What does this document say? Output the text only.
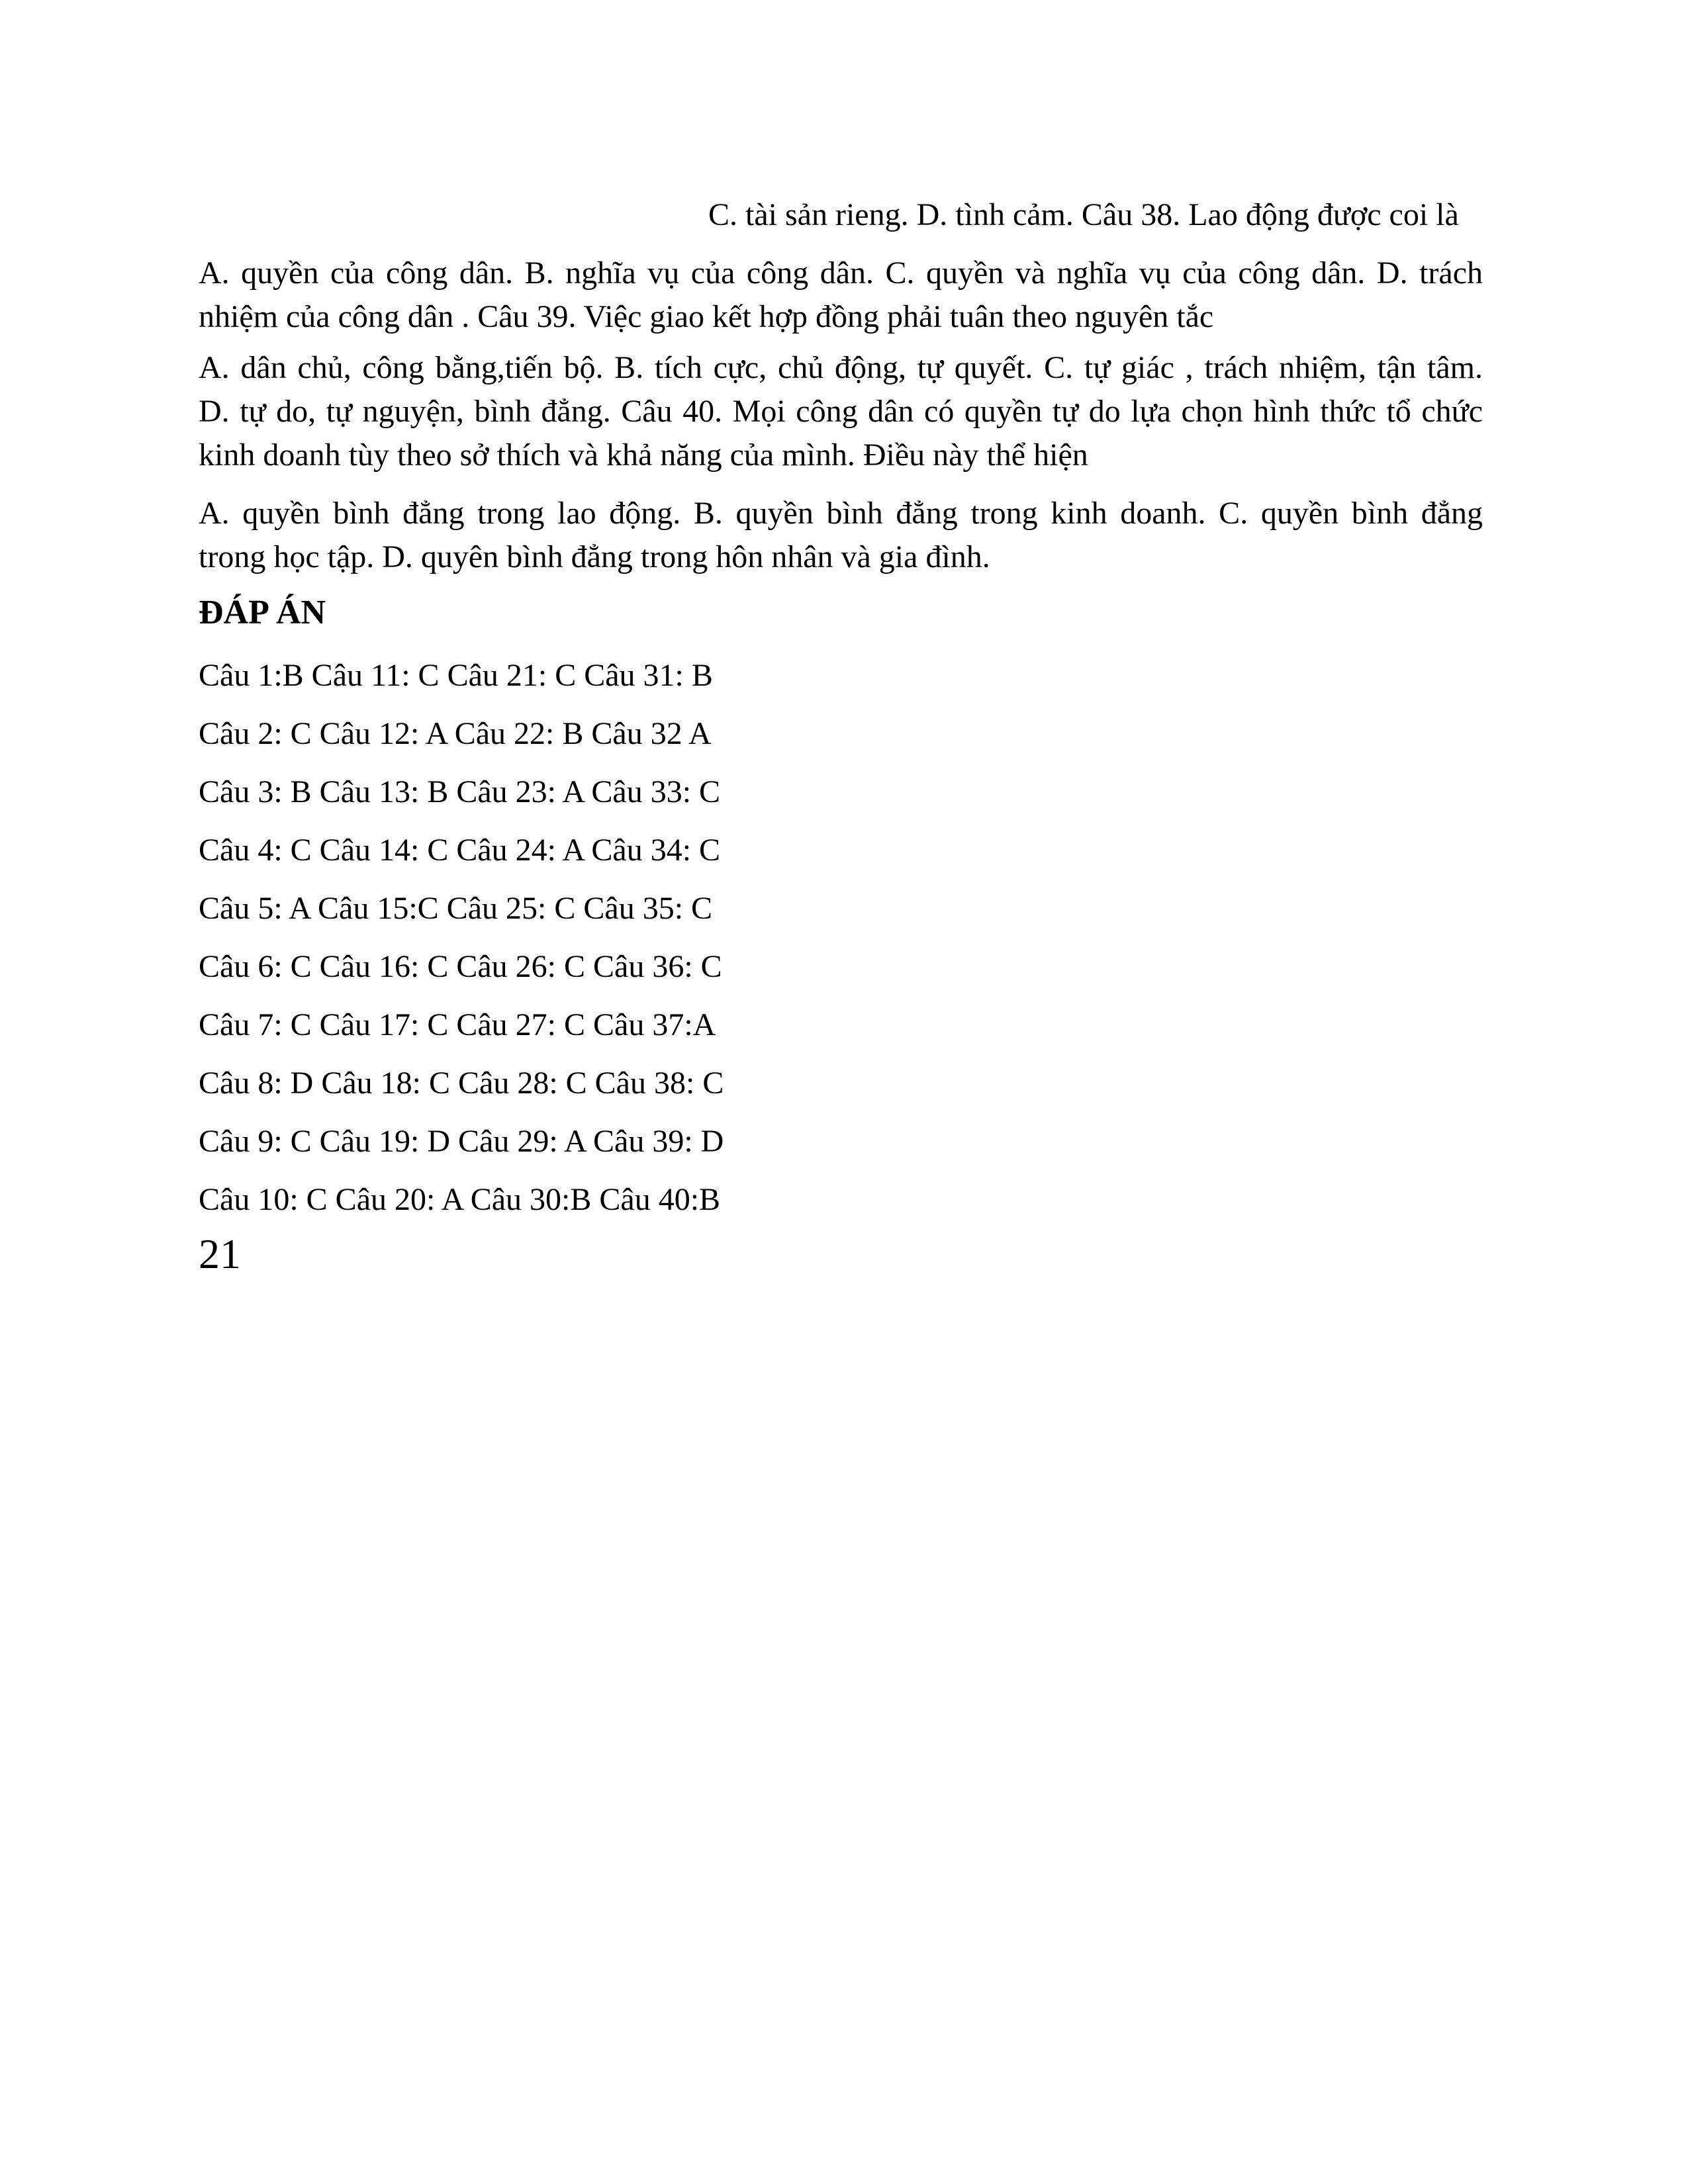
C. tài sản rieng. D. tình cảm. Câu 38. Lao động được coi là
A. quyền của công dân. B. nghĩa vụ của công dân. C. quyền và nghĩa vụ của công dân. D. trách
nhiệm của công dân . Câu 39. Việc giao kết hợp đồng phải tuân theo nguyên tắc
A. dân chủ, công bằng,tiến bộ. B. tích cực, chủ động, tự quyết. C. tự giác , trách nhiệm, tận tâm.
D. tự do, tự nguyện, bình đẳng. Câu 40. Mọi công dân có quyền tự do lựa chọn hình thức tổ chức
kinh doanh tùy theo sở thích và khả năng của mình. Điều này thể hiện
A. quyền bình đẳng trong lao động. B. quyền bình đẳng trong kinh doanh. C. quyền bình đẳng
trong học tập. D. quyên bình đẳng trong hôn nhân và gia đình.
ĐÁP ÁN
Câu 1:B Câu 11: C Câu 21: C Câu 31: B
Câu 2: C Câu 12: A Câu 22: B Câu 32 A
Câu 3: B Câu 13: B Câu 23: A Câu 33: C
Câu 4: C Câu 14: C Câu 24: A Câu 34: C
Câu 5: A Câu 15:C Câu 25: C Câu 35: C
Câu 6: C Câu 16: C Câu 26: C Câu 36: C
Câu 7: C Câu 17: C Câu 27: C Câu 37:A
Câu 8: D Câu 18: C Câu 28: C Câu 38: C
Câu 9: C Câu 19: D Câu 29: A Câu 39: D
Câu 10: C Câu 20: A Câu 30:B Câu 40:B
21
